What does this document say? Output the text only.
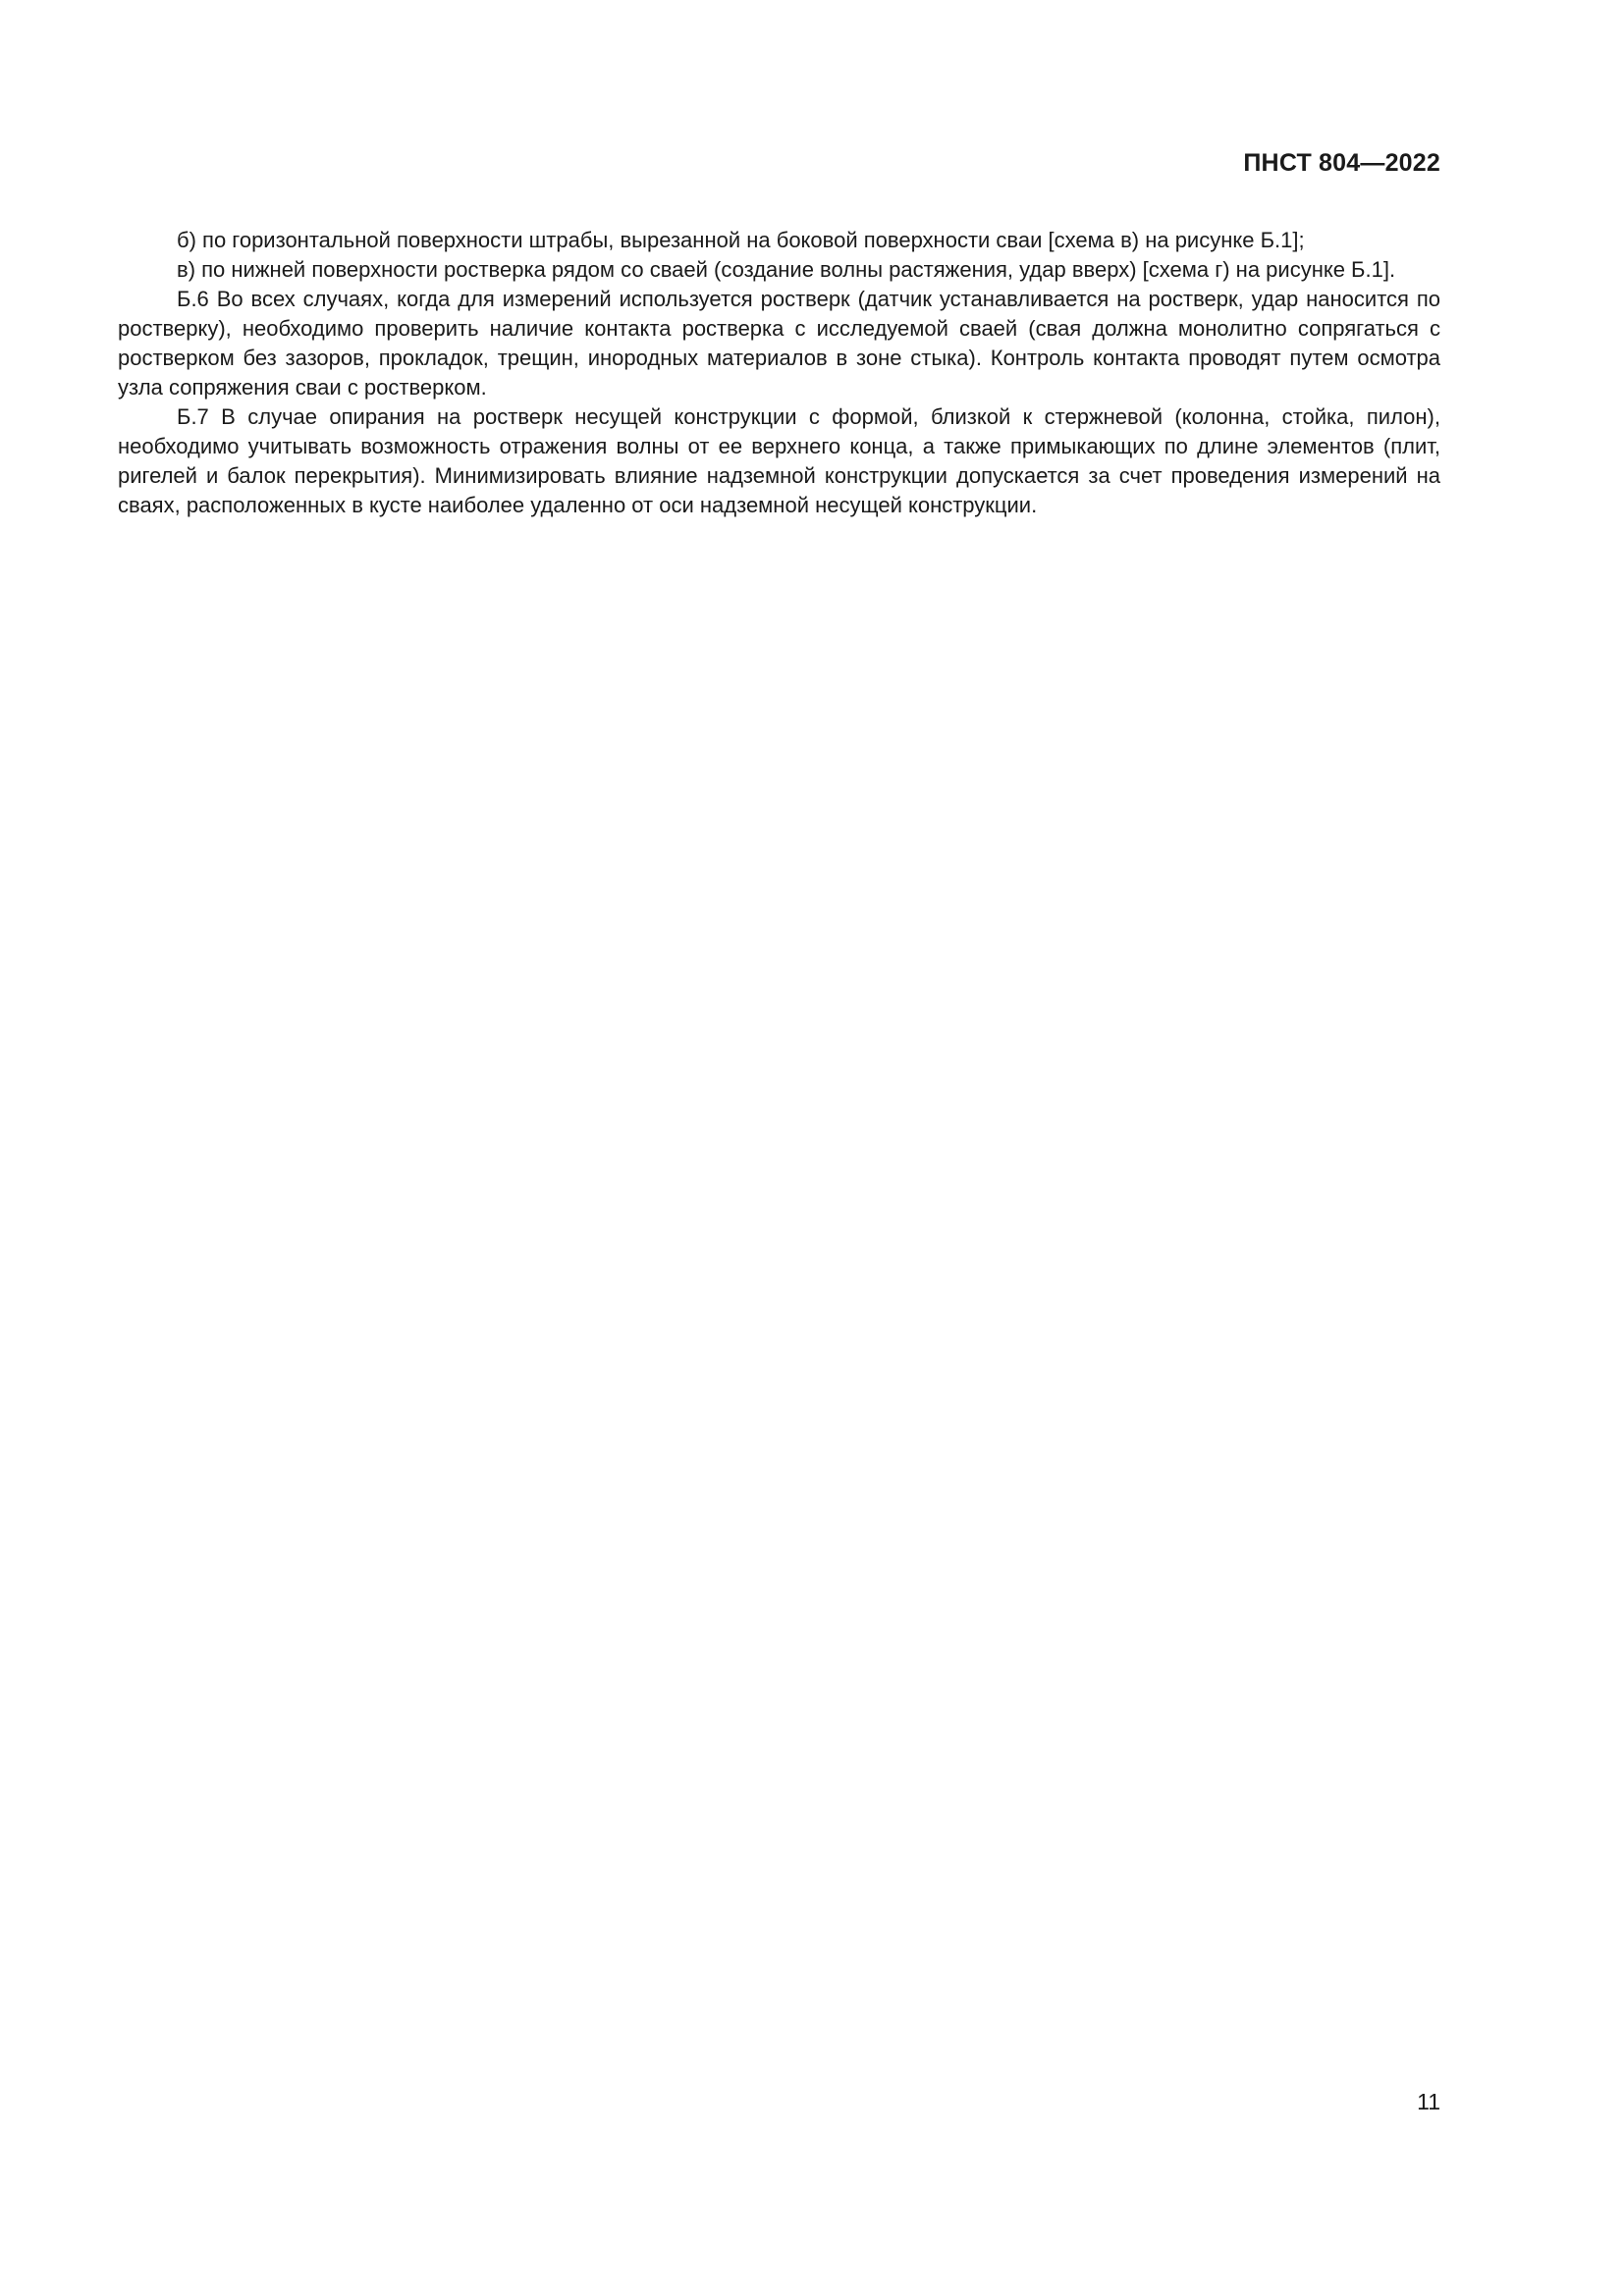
ПНСТ 804—2022

б) по горизонтальной поверхности штрабы, вырезанной на боковой поверхности сваи [схема в) на рисунке Б.1];

в) по нижней поверхности ростверка рядом со сваей (создание волны растяжения, удар вверх) [схема г) на рисунке Б.1].

Б.6 Во всех случаях, когда для измерений используется ростверк (датчик устанавливается на ростверк, удар наносится по ростверку), необходимо проверить наличие контакта ростверка с исследуемой сваей (свая должна монолитно сопрягаться с ростверком без зазоров, прокладок, трещин, инородных материалов в зоне стыка). Контроль контакта проводят путем осмотра узла сопряжения сваи с ростверком.

Б.7 В случае опирания на ростверк несущей конструкции с формой, близкой к стержневой (колонна, стойка, пилон), необходимо учитывать возможность отражения волны от ее верхнего конца, а также примыкающих по длине элементов (плит, ригелей и балок перекрытия). Минимизировать влияние надземной конструкции допускается за счет проведения измерений на сваях, расположенных в кусте наиболее удаленно от оси надземной несущей конструкции.

11
